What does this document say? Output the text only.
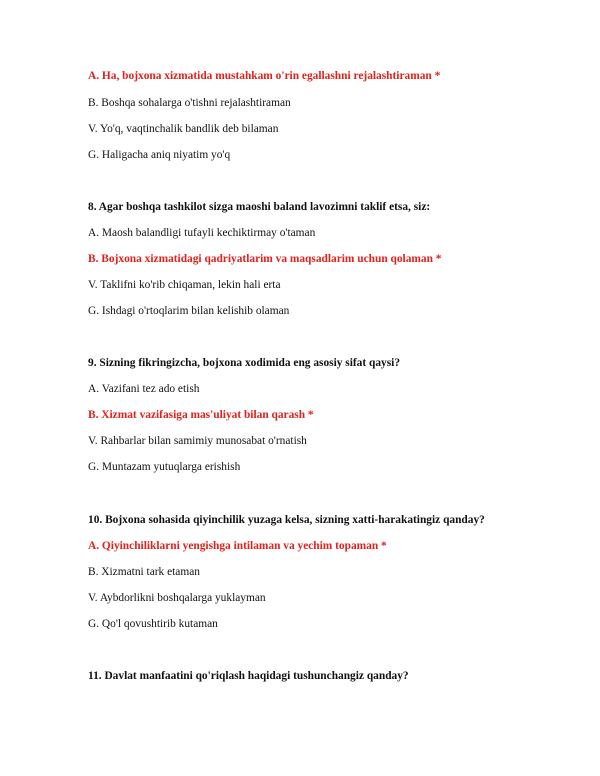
A. Ha, bojxona xizmatida mustahkam o'rin egallashni rejalashtiraman *
B. Boshqa sohalarga o'tishni rejalashtiraman
V. Yo'q, vaqtinchalik bandlik deb bilaman
G. Haligacha aniq niyatim yo'q
8. Agar boshqa tashkilot sizga maoshi baland lavozimni taklif etsa, siz:
A. Maosh balandligi tufayli kechiktirmay o'taman
B. Bojxona xizmatidagi qadriyatlarim va maqsadlarim uchun qolaman *
V. Taklifni ko'rib chiqaman, lekin hali erta
G. Ishdagi o'rtoqlarim bilan kelishib olaman
9. Sizning fikringizcha, bojxona xodimida eng asosiy sifat qaysi?
A. Vazifani tez ado etish
B. Xizmat vazifasiga mas'uliyat bilan qarash *
V. Rahbarlar bilan samimiy munosabat o'rnatish
G. Muntazam yutuqlarga erishish
10. Bojxona sohasida qiyinchilik yuzaga kelsa, sizning xatti-harakatingiz qanday?
A. Qiyinchiliklarni yengishga intilaman va yechim topaman *
B. Xizmatni tark etaman
V. Aybdorlikni boshqalarga yuklayman
G. Qo'l qovushtirib kutaman
11. Davlat manfaatini qo'riqlash haqidagi tushunchangiz qanday?
